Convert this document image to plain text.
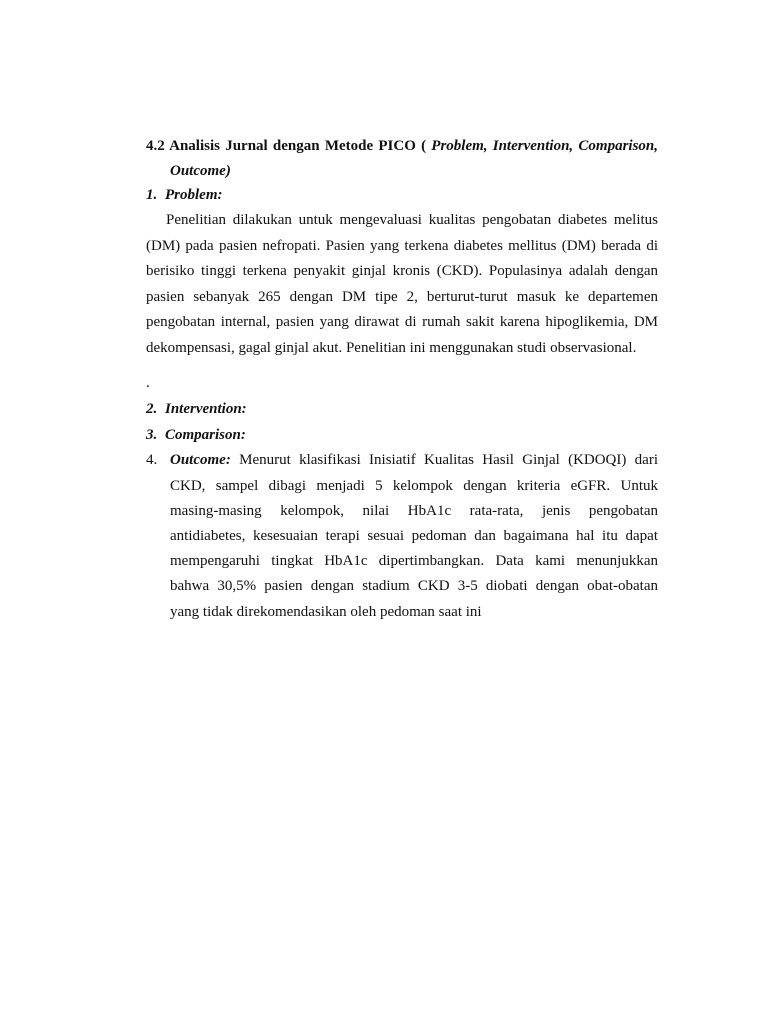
4.2 Analisis Jurnal dengan Metode PICO ( Problem, Intervention, Comparison,
Outcome)
1. Problem:
Penelitian dilakukan untuk mengevaluasi kualitas pengobatan diabetes melitus
(DM) pada pasien nefropati. Pasien yang terkena diabetes mellitus (DM) berada di
berisiko tinggi terkena penyakit ginjal kronis (CKD). Populasinya adalah dengan
pasien sebanyak 265 dengan DM tipe 2, berturut-turut masuk ke departemen
pengobatan internal, pasien yang dirawat di rumah sakit karena hipoglikemia, DM
dekompensasi, gagal ginjal akut. Penelitian ini menggunakan studi observasional.
.
2. Intervention:
3. Comparison:
4. Outcome: Menurut klasifikasi Inisiatif Kualitas Hasil Ginjal (KDOQI) dari
CKD, sampel dibagi menjadi 5 kelompok dengan kriteria eGFR. Untuk
masing-masing kelompok, nilai HbA1c rata-rata, jenis pengobatan
antidiabetes, kesesuaian terapi sesuai pedoman dan bagaimana hal itu dapat
mempengaruhi tingkat HbA1c dipertimbangkan. Data kami menunjukkan
bahwa 30,5% pasien dengan stadium CKD 3-5 diobati dengan obat-obatan
yang tidak direkomendasikan oleh pedoman saat ini
